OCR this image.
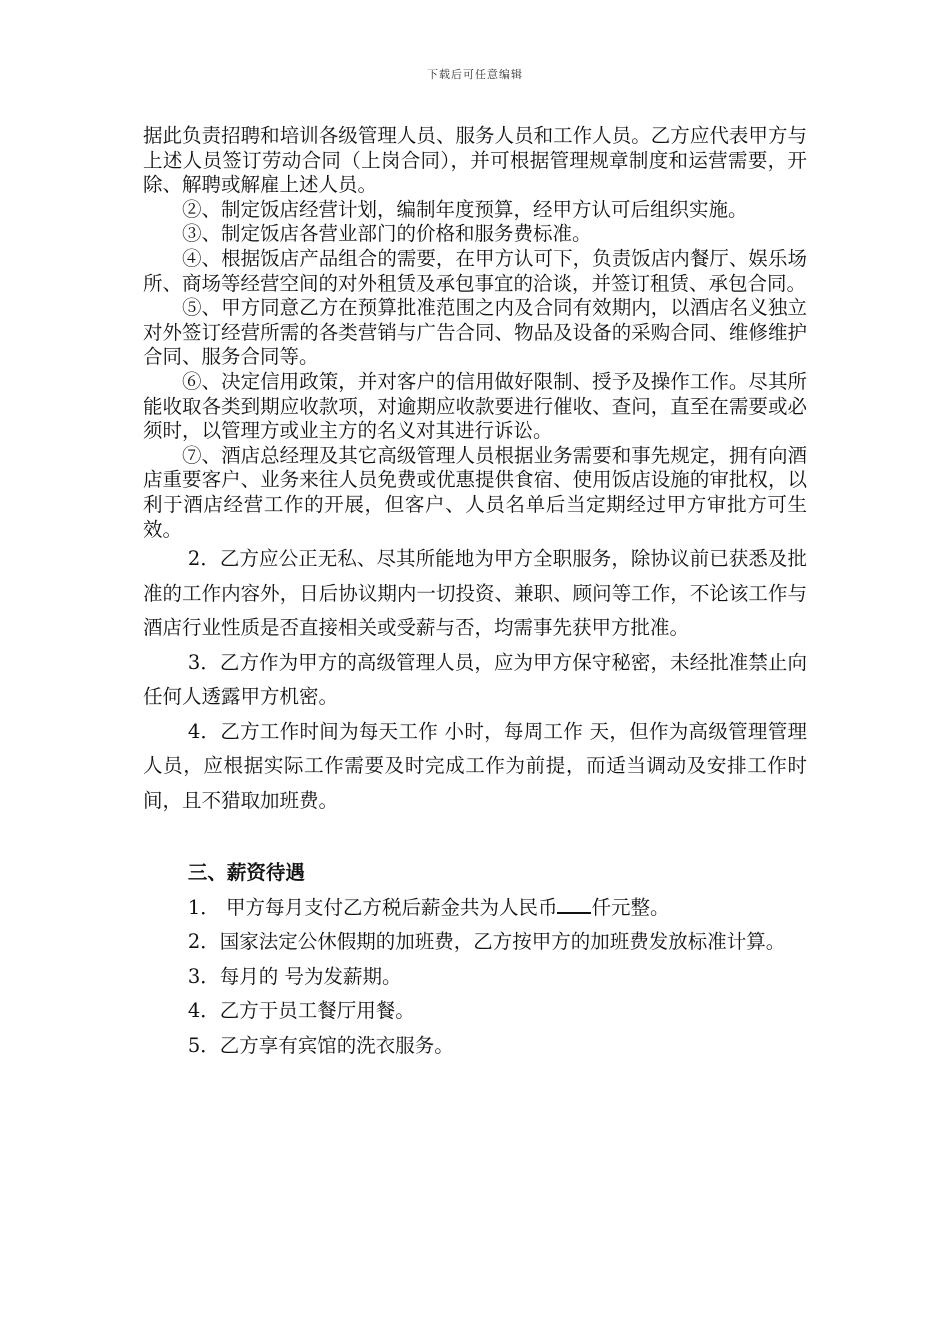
下载后可任意编辑

据此负责招聘和培训各级管理人员、服务人员和工作人员。乙方应代表甲方与上述人员签订劳动合同（上岗合同），并可根据管理规章制度和运营需要，开除、解聘或解雇上述人员。

②、制定饭店经营计划，编制年度预算，经甲方认可后组织实施。

③、制定饭店各营业部门的价格和服务费标准。

④、根据饭店产品组合的需要，在甲方认可下，负责饭店内餐厅、娱乐场所、商场等经营空间的对外租赁及承包事宜的洽谈，并签订租赁、承包合同。

⑤、甲方同意乙方在预算批准范围之内及合同有效期内，以酒店名义独立对外签订经营所需的各类营销与广告合同、物品及设备的采购合同、维修维护合同、服务合同等。

⑥、决定信用政策，并对客户的信用做好限制、授予及操作工作。尽其所能收取各类到期应收款项，对逾期应收款要进行催收、查问，直至在需要或必须时，以管理方或业主方的名义对其进行诉讼。

⑦、酒店总经理及其它高级管理人员根据业务需要和事先规定，拥有向酒店重要客户、业务来往人员免费或优惠提供食宿、使用饭店设施的审批权，以利于酒店经营工作的开展，但客户、人员名单后当定期经过甲方审批方可生效。

2．乙方应公正无私、尽其所能地为甲方全职服务，除协议前已获悉及批准的工作内容外，日后协议期内一切投资、兼职、顾问等工作，不论该工作与酒店行业性质是否直接相关或受薪与否，均需事先获甲方批准。

3．乙方作为甲方的高级管理人员，应为甲方保守秘密，未经批准禁止向任何人透露甲方机密。

4．乙方工作时间为每天工作 小时，每周工作 天，但作为高级管理管理人员，应根据实际工作需要及时完成工作为前提，而适当调动及安排工作时间，且不猎取加班费。

三、薪资待遇

1． 甲方每月支付乙方税后薪金共为人民币 仟元整。

2．国家法定公休假期的加班费，乙方按甲方的加班费发放标准计算。

3．每月的 号为发薪期。

4．乙方于员工餐厅用餐。

5．乙方享有宾馆的洗衣服务。
